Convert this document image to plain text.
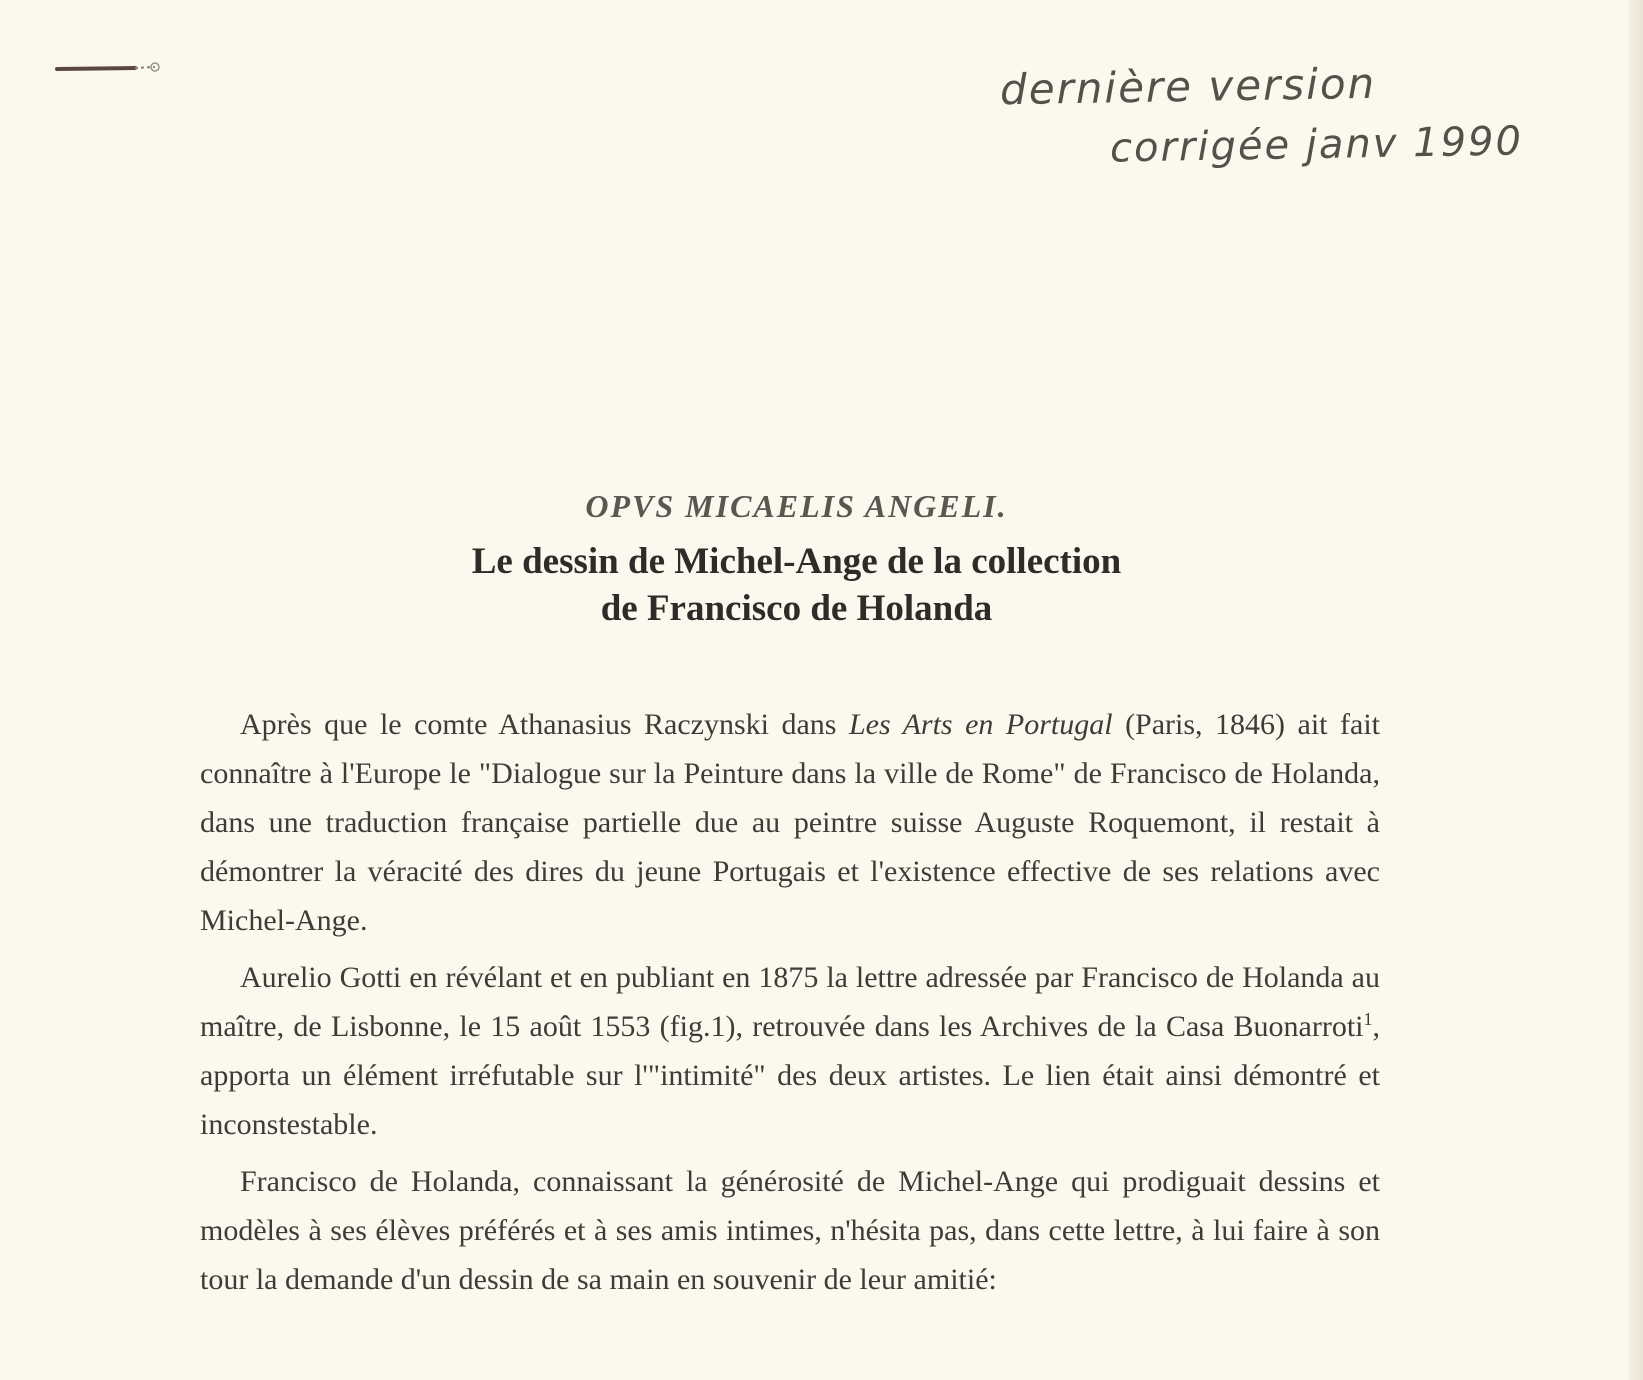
dernière version
corrigée janv 1990
OPVS MICAELIS ANGELI.
Le dessin de Michel-Ange de la collection
de Francisco de Holanda

Après que le comte Athanasius Raczynski dans Les Arts en Portugal (Paris, 1846) ait fait connaître à l'Europe le "Dialogue sur la Peinture dans la ville de Rome" de Francisco de Holanda, dans une traduction française partielle due au peintre suisse Auguste Roquemont, il restait à démontrer la véracité des dires du jeune Portugais et l'existence effective de ses relations avec Michel-Ange.

Aurelio Gotti en révélant et en publiant en 1875 la lettre adressée par Francisco de Holanda au maître, de Lisbonne, le 15 août 1553 (fig.1), retrouvée dans les Archives de la Casa Buonarroti$^1$, apporta un élément irréfutable sur l'"intimité" des deux artistes. Le lien était ainsi démontré et inconstestable.

Francisco de Holanda, connaissant la générosité de Michel-Ange qui prodiguait dessins et modèles à ses élèves préférés et à ses amis intimes, n'hésita pas, dans cette lettre, à lui faire à son tour la demande d'un dessin de sa main en souvenir de leur amitié:
